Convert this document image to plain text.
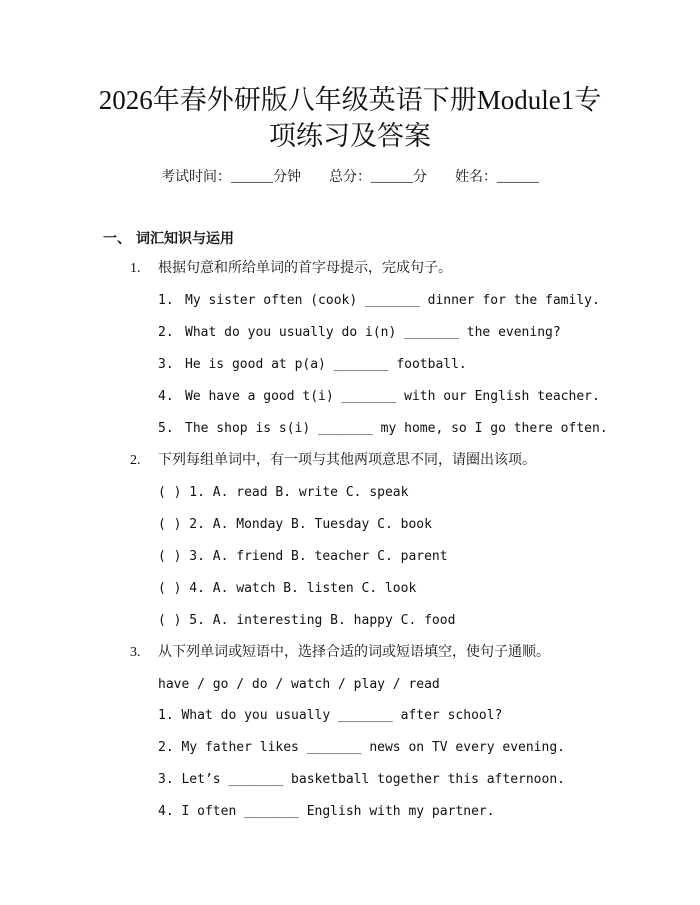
2026年春外研版八年级英语下册Module1专
项练习及答案
考试时间：______分钟 总分：______分 姓名：______
一、 词汇知识与运用
1. 根据句意和所给单词的首字母提示，完成句子。
1. My sister often (cook) _______ dinner for the family.
2. What do you usually do i(n) _______ the evening?
3. He is good at p(a) _______ football.
4. We have a good t(i) _______ with our English teacher.
5. The shop is s(i) _______ my home, so I go there often.
2. 下列每组单词中，有一项与其他两项意思不同，请圈出该项。
( ) 1. A. read B. write C. speak
( ) 2. A. Monday B. Tuesday C. book
( ) 3. A. friend B. teacher C. parent
( ) 4. A. watch B. listen C. look
( ) 5. A. interesting B. happy C. food
3. 从下列单词或短语中，选择合适的词或短语填空，使句子通顺。
have / go / do / watch / play / read
1. What do you usually _______ after school?
2. My father likes _______ news on TV every evening.
3. Let’s _______ basketball together this afternoon.
4. I often _______ English with my partner.
